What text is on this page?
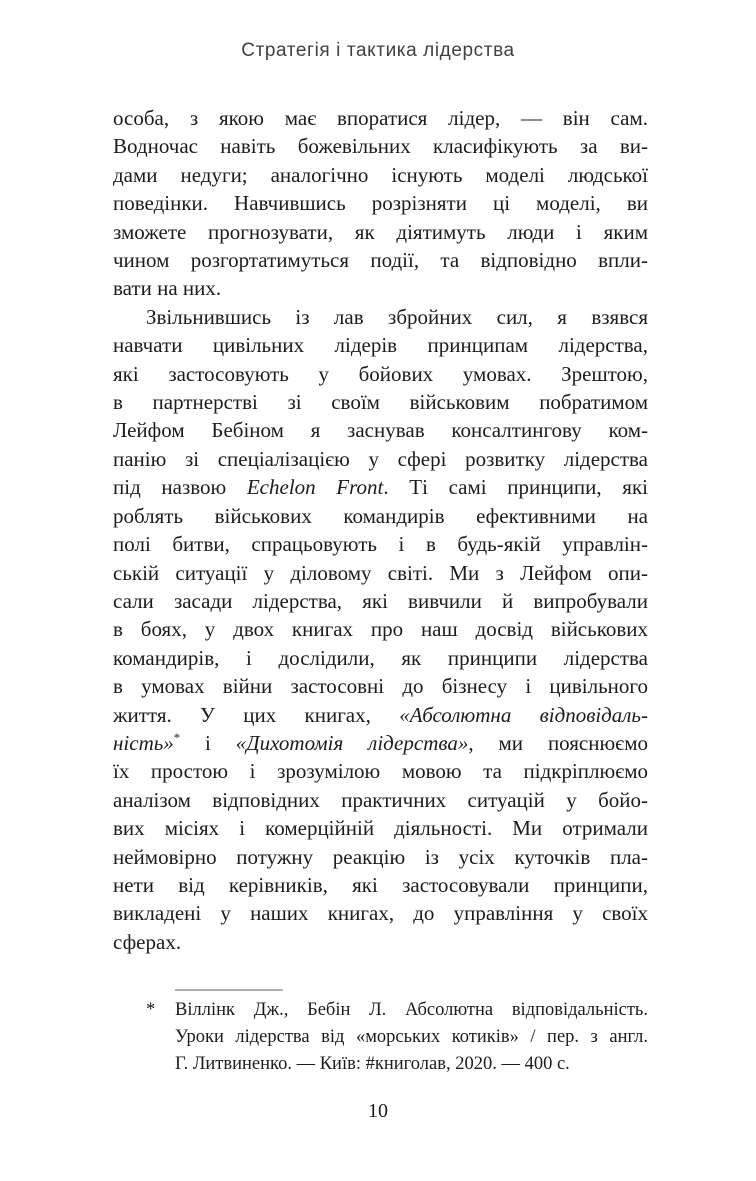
Стратегія і тактика лідерства
особа, з якою має впоратися лідер, — він сам.
Водночас навіть божевільних класифікують за ви-
дами недуги; аналогічно існують моделі людської
поведінки. Навчившись розрізняти ці моделі, ви
зможете прогнозувати, як діятимуть люди і яким
чином розгортатимуться події, та відповідно впли-
вати на них.
Звільнившись із лав збройних сил, я взявся
навчати цивільних лідерів принципам лідерства,
які застосовують у бойових умовах. Зрештою,
в партнерстві зі своїм військовим побратимом
Лейфом Бебіном я заснував консалтингову ком-
панію зі спеціалізацією у сфері розвитку лідерства
під назвою Echelon Front. Ті самі принципи, які
роблять військових командирів ефективними на
полі битви, спрацьовують і в будь-якій управлін-
ській ситуації у діловому світі. Ми з Лейфом опи-
сали засади лідерства, які вивчили й випробували
в боях, у двох книгах про наш досвід військових
командирів, і дослідили, як принципи лідерства
в умовах війни застосовні до бізнесу і цивільного
життя. У цих книгах, «Абсолютна відповідаль-
ність»* і «Дихотомія лідерства», ми пояснюємо
їх простою і зрозумілою мовою та підкріплюємо
аналізом відповідних практичних ситуацій у бойо-
вих місіях і комерційній діяльності. Ми отримали
неймовірно потужну реакцію із усіх куточків пла-
нети від керівників, які застосовували принципи,
викладені у наших книгах, до управління у своїх
сферах.
* Віллінк Дж., Бебін Л. Абсолютна відповідальність.
Уроки лідерства від «морських котиків» / пер. з англ.
Г. Литвиненко. — Київ: #книголав, 2020. — 400 с.
10
